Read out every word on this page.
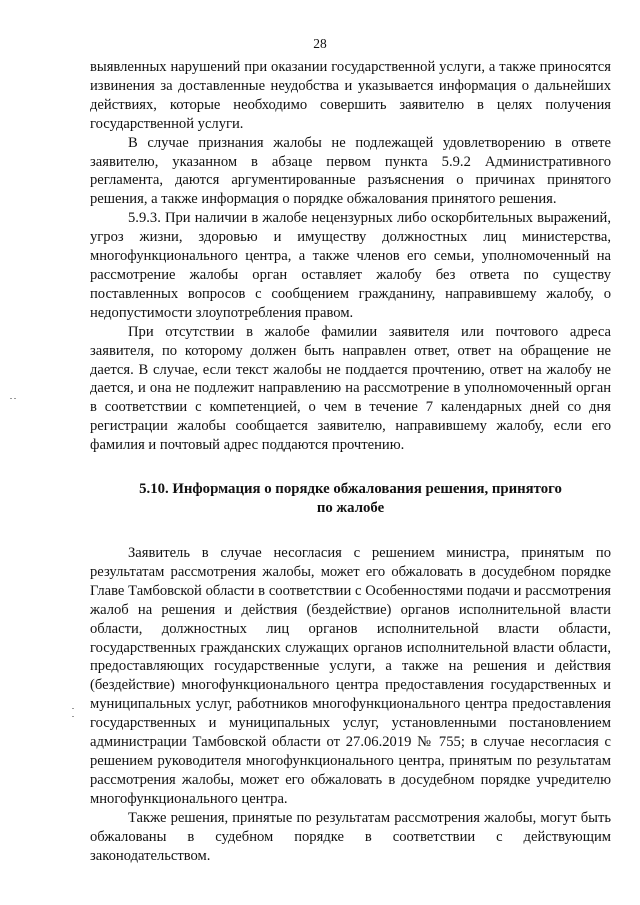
28

выявленных нарушений при оказании государственной услуги, а также приносятся извинения за доставленные неудобства и указывается информация о дальнейших действиях, которые необходимо совершить заявителю в целях получения государственной услуги.

В случае признания жалобы не подлежащей удовлетворению в ответе заявителю, указанном в абзаце первом пункта 5.9.2 Административного регламента, даются аргументированные разъяснения о причинах принятого решения, а также информация о порядке обжалования принятого решения.

5.9.3. При наличии в жалобе нецензурных либо оскорбительных выражений, угроз жизни, здоровью и имуществу должностных лиц министерства, многофункционального центра, а также членов его семьи, уполномоченный на рассмотрение жалобы орган оставляет жалобу без ответа по существу поставленных вопросов с сообщением гражданину, направившему жалобу, о недопустимости злоупотребления правом.

При отсутствии в жалобе фамилии заявителя или почтового адреса заявителя, по которому должен быть направлен ответ, ответ на обращение не дается. В случае, если текст жалобы не поддается прочтению, ответ на жалобу не дается, и она не подлежит направлению на рассмотрение в уполномоченный орган в соответствии с компетенцией, о чем в течение 7 календарных дней со дня регистрации жалобы сообщается заявителю, направившему жалобу, если его фамилия и почтовый адрес поддаются прочтению.

5.10. Информация о порядке обжалования решения, принятого
по жалобе

Заявитель в случае несогласия с решением министра, принятым по результатам рассмотрения жалобы, может его обжаловать в досудебном порядке Главе Тамбовской области в соответствии с Особенностями подачи и рассмотрения жалоб на решения и действия (бездействие) органов исполнительной власти области, должностных лиц органов исполнительной власти области, государственных гражданских служащих органов исполнительной власти области, предоставляющих государственные услуги, а также на решения и действия (бездействие) многофункционального центра предоставления государственных и муниципальных услуг, работников многофункционального центра предоставления государственных и муниципальных услуг, установленными постановлением администрации Тамбовской области от 27.06.2019 № 755; в случае несогласия с решением руководителя многофункционального центра, принятым по результатам рассмотрения жалобы, может его обжаловать в досудебном порядке учредителю многофункционального центра.

Также решения, принятые по результатам рассмотрения жалобы, могут быть обжалованы в судебном порядке в соответствии с действующим законодательством.
